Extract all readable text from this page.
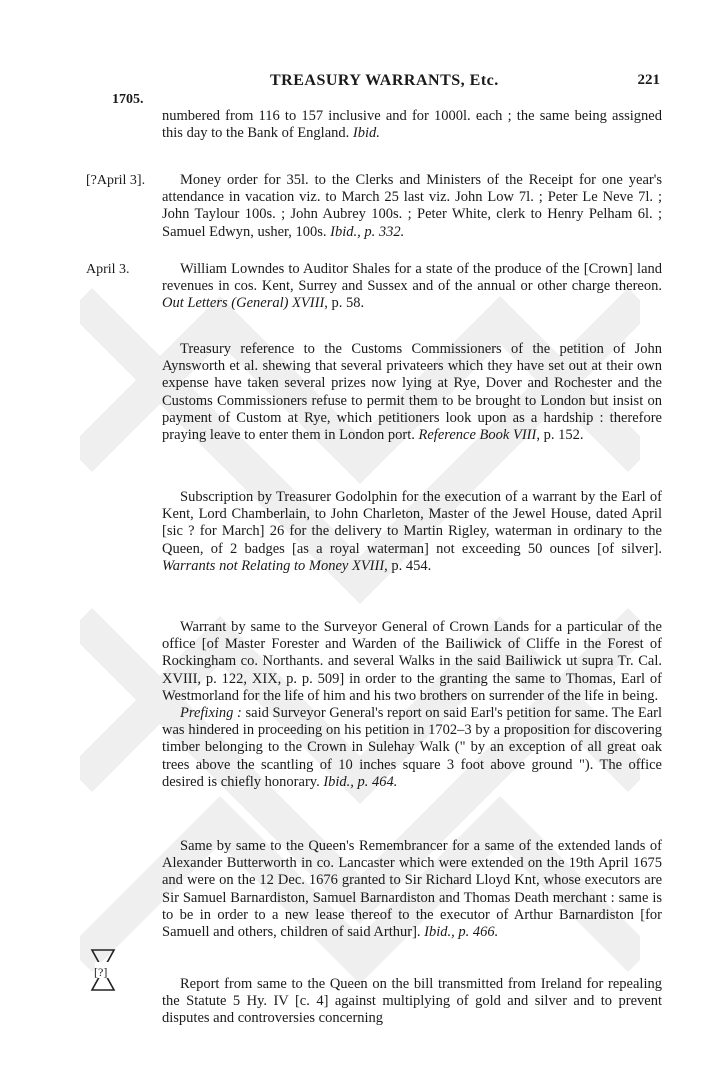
TREASURY WARRANTS, Etc.	221
1705.

numbered from 116 to 157 inclusive and for 1000l. each ; the same being assigned this day to the Bank of England. Ibid.

[?April 3].	Money order for 35l. to the Clerks and Ministers of the Receipt for one year's attendance in vacation viz. to March 25 last viz. John Low 7l. ; Peter Le Neve 7l. ; John Taylour 100s. ; John Aubrey 100s. ; Peter White, clerk to Henry Pelham 6l. ; Samuel Edwyn, usher, 100s. Ibid., p. 332.

April 3.	William Lowndes to Auditor Shales for a state of the produce of the [Crown] land revenues in cos. Kent, Surrey and Sussex and of the annual or other charge thereon. Out Letters (General) XVIII, p. 58.

Treasury reference to the Customs Commissioners of the petition of John Aynsworth et al. shewing that several privateers which they have set out at their own expense have taken several prizes now lying at Rye, Dover and Rochester and the Customs Commissioners refuse to permit them to be brought to London but insist on payment of Custom at Rye, which petitioners look upon as a hardship : therefore praying leave to enter them in London port. Reference Book VIII, p. 152.

Subscription by Treasurer Godolphin for the execution of a warrant by the Earl of Kent, Lord Chamberlain, to John Charleton, Master of the Jewel House, dated April [sic ? for March] 26 for the delivery to Martin Rigley, waterman in ordinary to the Queen, of 2 badges [as a royal waterman] not exceeding 50 ounces [of silver]. Warrants not Relating to Money XVIII, p. 454.

Warrant by same to the Surveyor General of Crown Lands for a particular of the office [of Master Forester and Warden of the Bailiwick of Cliffe in the Forest of Rockingham co. Northants. and several Walks in the said Bailiwick ut supra Tr. Cal. XVIII, p. 122, XIX, p. p. 509] in order to the granting the same to Thomas, Earl of Westmorland for the life of him and his two brothers on surrender of the life in being.

Prefixing : said Surveyor General's report on said Earl's petition for same. The Earl was hindered in proceeding on his petition in 1702–3 by a proposition for discovering timber belonging to the Crown in Sulehay Walk (" by an exception of all great oak trees above the scantling of 10 inches square 3 foot above ground "). The office desired is chiefly honorary. Ibid., p. 464.

Same by same to the Queen's Remembrancer for a same of the extended lands of Alexander Butterworth in co. Lancaster which were extended on the 19th April 1675 and were on the 12 Dec. 1676 granted to Sir Richard Lloyd Knt, whose executors are Sir Samuel Barnardiston, Samuel Barnardiston and Thomas Death merchant : same is to be in order to a new lease thereof to the executor of Arthur Barnardiston [for Samuell and others, children of said Arthur]. Ibid., p. 466.

[?]

Report from same to the Queen on the bill transmitted from Ireland for repealing the Statute 5 Hy. IV [c. 4] against multiplying of gold and silver and to prevent disputes and controversies concerning
